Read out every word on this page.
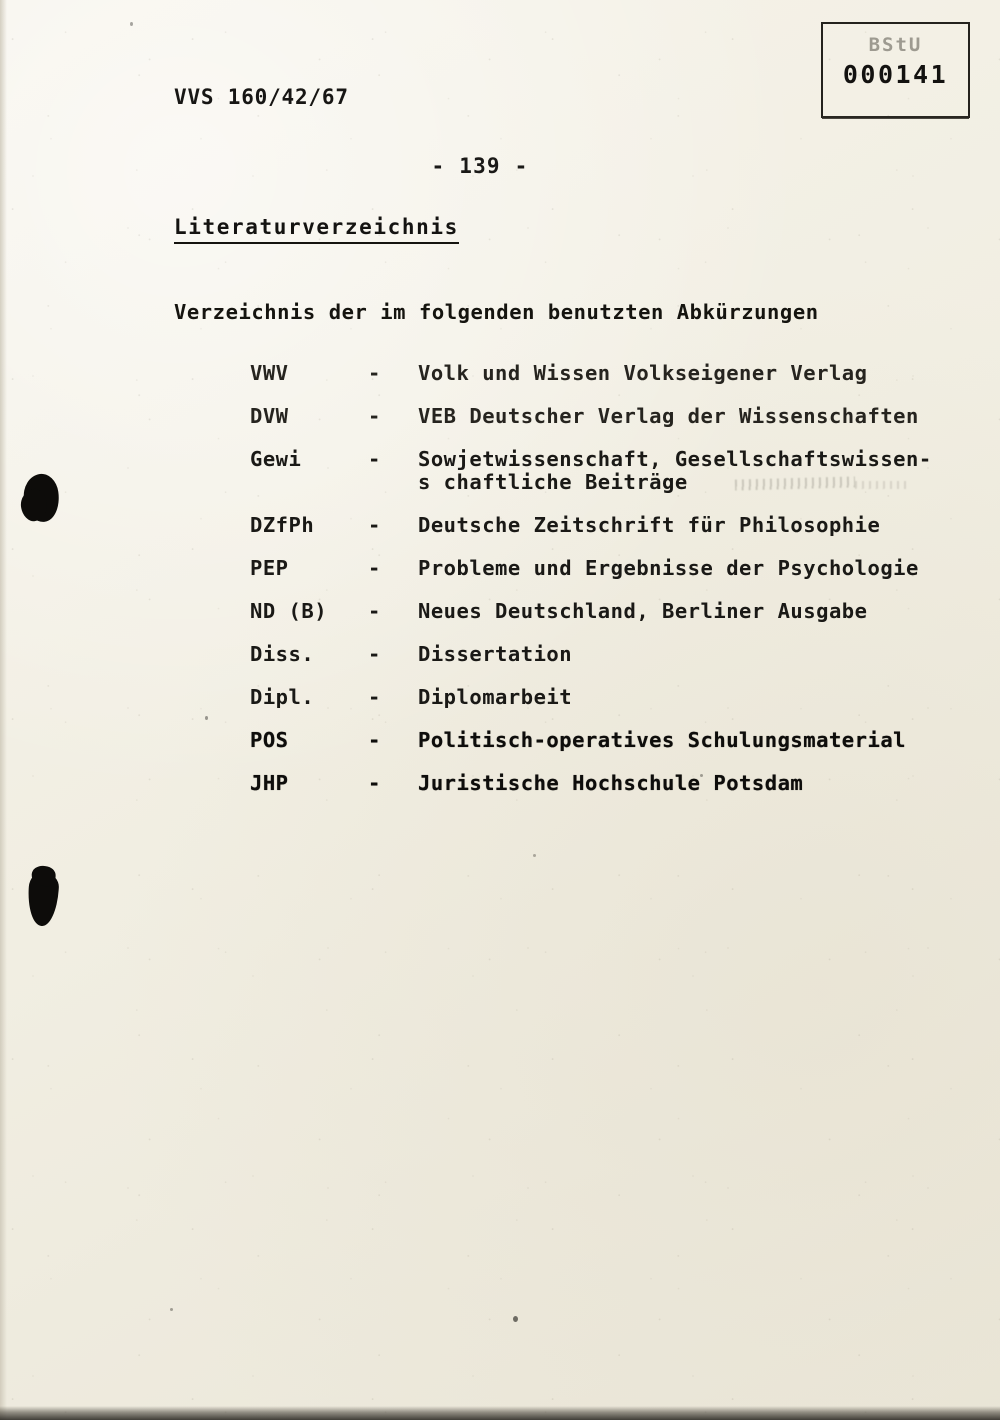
VVS 160/42/67
BStU
000141
- 139 -
Literaturverzeichnis
Verzeichnis der im folgenden benutzten Abkürzungen
VWV	-	Volk und Wissen Volkseigener Verlag
DVW	-	VEB Deutscher Verlag der Wissenschaften
Gewi	-	Sowjetwissenschaft, Gesellschaftswissen-
s chaftliche Beiträge
DZfPh	-	Deutsche Zeitschrift für Philosophie
PEP	-	Probleme und Ergebnisse der Psychologie
ND (B)	-	Neues Deutschland, Berliner Ausgabe
Diss.	-	Dissertation
Dipl.	-	Diplomarbeit
POS	-	Politisch-operatives Schulungsmaterial
JHP	-	Juristische Hochschule Potsdam
